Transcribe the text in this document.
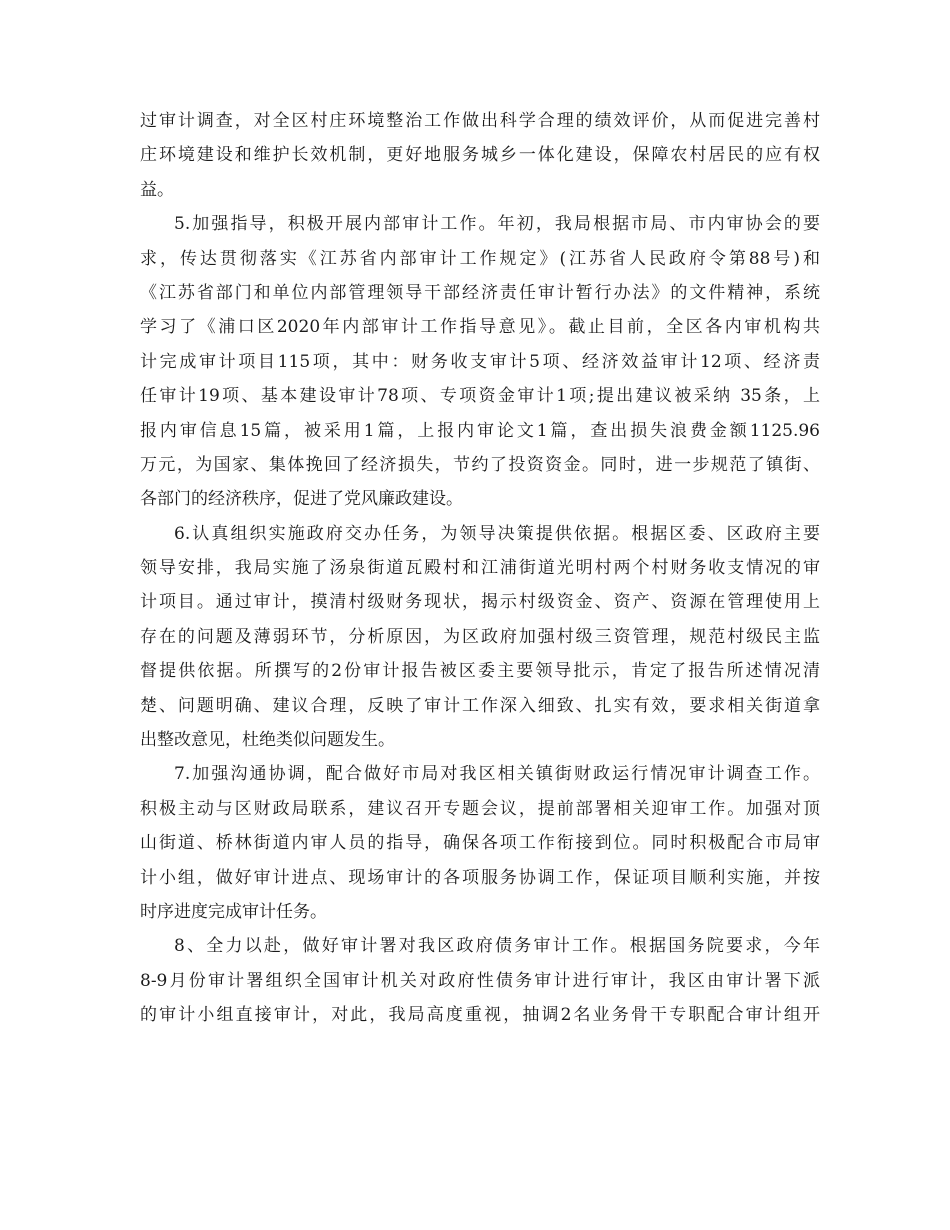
过审计调查，对全区村庄环境整治工作做出科学合理的绩效评价，从而促进完善村
庄环境建设和维护长效机制，更好地服务城乡一体化建设，保障农村居民的应有权
益。
5.加强指导，积极开展内部审计工作。年初，我局根据市局、市内审协会的要
求，传达贯彻落实《江苏省内部审计工作规定》(江苏省人民政府令第88号)和
《江苏省部门和单位内部管理领导干部经济责任审计暂行办法》的文件精神，系统
学习了《浦口区2020年内部审计工作指导意见》。截止目前，全区各内审机构共
计完成审计项目115项，其中：财务收支审计5项、经济效益审计12项、经济责
任审计19项、基本建设审计78项、专项资金审计1项;提出建议被采纳 35条，上
报内审信息15篇，被采用1篇，上报内审论文1篇，查出损失浪费金额1125.96
万元，为国家、集体挽回了经济损失，节约了投资资金。同时，进一步规范了镇街、
各部门的经济秩序，促进了党风廉政建设。
6.认真组织实施政府交办任务，为领导决策提供依据。根据区委、区政府主要
领导安排，我局实施了汤泉街道瓦殿村和江浦街道光明村两个村财务收支情况的审
计项目。通过审计，摸清村级财务现状，揭示村级资金、资产、资源在管理使用上
存在的问题及薄弱环节，分析原因，为区政府加强村级三资管理，规范村级民主监
督提供依据。所撰写的2份审计报告被区委主要领导批示，肯定了报告所述情况清
楚、问题明确、建议合理，反映了审计工作深入细致、扎实有效，要求相关街道拿
出整改意见，杜绝类似问题发生。
7.加强沟通协调，配合做好市局对我区相关镇街财政运行情况审计调查工作。
积极主动与区财政局联系，建议召开专题会议，提前部署相关迎审工作。加强对顶
山街道、桥林街道内审人员的指导，确保各项工作衔接到位。同时积极配合市局审
计小组，做好审计进点、现场审计的各项服务协调工作，保证项目顺利实施，并按
时序进度完成审计任务。
8、全力以赴，做好审计署对我区政府债务审计工作。根据国务院要求，今年
8-9月份审计署组织全国审计机关对政府性债务审计进行审计，我区由审计署下派
的审计小组直接审计，对此，我局高度重视，抽调2名业务骨干专职配合审计组开
